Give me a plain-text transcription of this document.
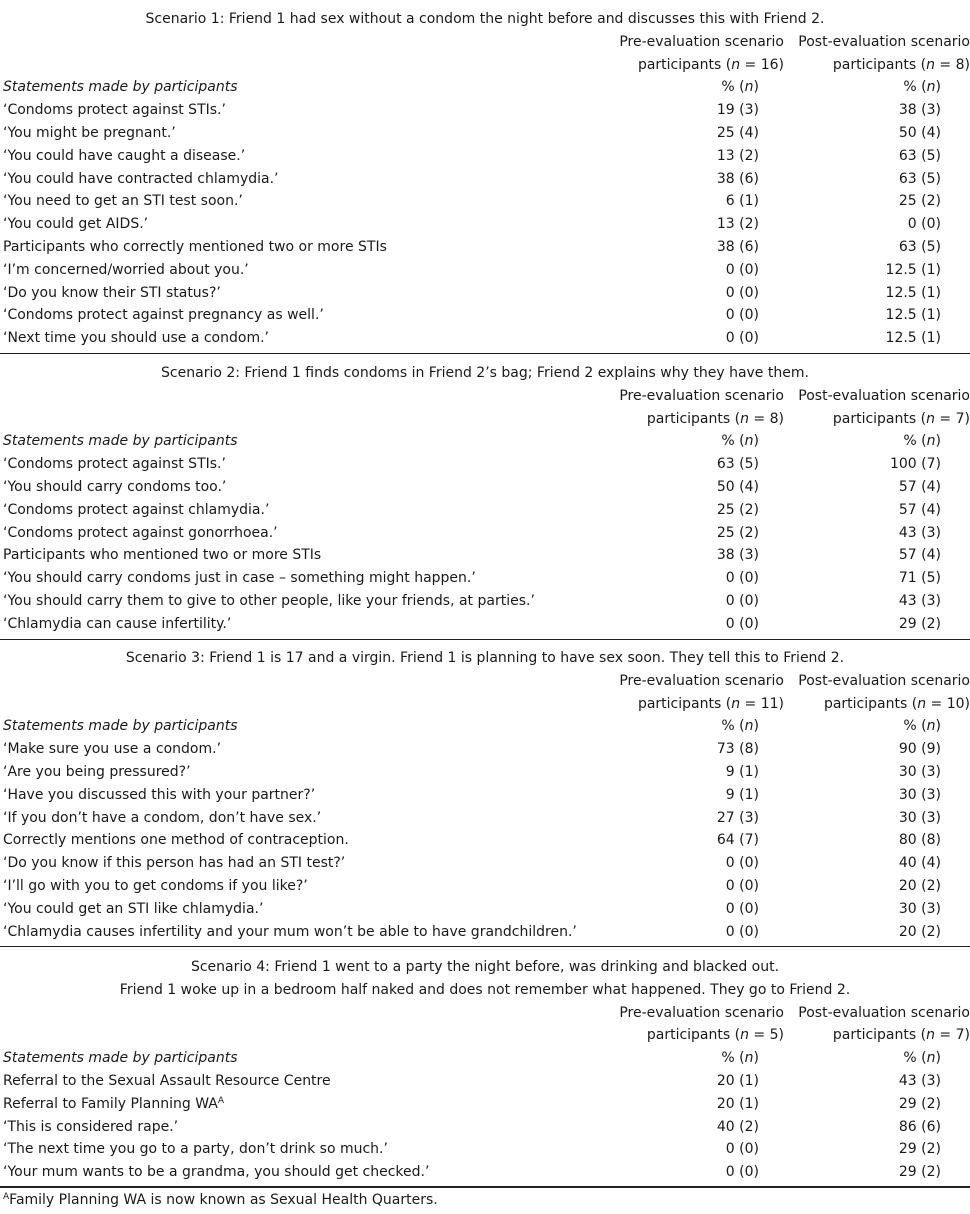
Scenario 1: Friend 1 had sex without a condom the night before and discusses this with Friend 2.
Pre-evaluation scenario Post-evaluation scenario
participants (n = 16)	participants (n = 8)
Statements made by participants	% (n)	% (n)
‘Condoms protect against STIs.’	19 (3)	38 (3)
‘You might be pregnant.’	25 (4)	50 (4)
‘You could have caught a disease.’	13 (2)	63 (5)
‘You could have contracted chlamydia.’	38 (6)	63 (5)
‘You need to get an STI test soon.’	6 (1)	25 (2)
‘You could get AIDS.’	13 (2)	0 (0)
Participants who correctly mentioned two or more STIs	38 (6)	63 (5)
‘I’m concerned/worried about you.’	0 (0)	12.5 (1)
‘Do you know their STI status?’	0 (0)	12.5 (1)
‘Condoms protect against pregnancy as well.’	0 (0)	12.5 (1)
‘Next time you should use a condom.’	0 (0)	12.5 (1)
Scenario 2: Friend 1 finds condoms in Friend 2’s bag; Friend 2 explains why they have them.
Pre-evaluation scenario Post-evaluation scenario
participants (n = 8)	participants (n = 7)
Statements made by participants	% (n)	% (n)
‘Condoms protect against STIs.’	63 (5)	100 (7)
‘You should carry condoms too.’	50 (4)	57 (4)
‘Condoms protect against chlamydia.’	25 (2)	57 (4)
‘Condoms protect against gonorrhoea.’	25 (2)	43 (3)
Participants who mentioned two or more STIs	38 (3)	57 (4)
‘You should carry condoms just in case – something might happen.’	0 (0)	71 (5)
‘You should carry them to give to other people, like your friends, at parties.’	0 (0)	43 (3)
‘Chlamydia can cause infertility.’	0 (0)	29 (2)
Scenario 3: Friend 1 is 17 and a virgin. Friend 1 is planning to have sex soon. They tell this to Friend 2.
Pre-evaluation scenario Post-evaluation scenario
participants (n = 11)	participants (n = 10)
Statements made by participants	% (n)	% (n)
‘Make sure you use a condom.’	73 (8)	90 (9)
‘Are you being pressured?’	9 (1)	30 (3)
‘Have you discussed this with your partner?’	9 (1)	30 (3)
‘If you don’t have a condom, don’t have sex.’	27 (3)	30 (3)
Correctly mentions one method of contraception.	64 (7)	80 (8)
‘Do you know if this person has had an STI test?’	0 (0)	40 (4)
‘I’ll go with you to get condoms if you like?’	0 (0)	20 (2)
‘You could get an STI like chlamydia.’	0 (0)	30 (3)
‘Chlamydia causes infertility and your mum won’t be able to have grandchildren.’	0 (0)	20 (2)
Scenario 4: Friend 1 went to a party the night before, was drinking and blacked out.
Friend 1 woke up in a bedroom half naked and does not remember what happened. They go to Friend 2.
Pre-evaluation scenario Post-evaluation scenario
participants (n = 5)	participants (n = 7)
Statements made by participants	% (n)	% (n)
Referral to the Sexual Assault Resource Centre	20 (1)	43 (3)
Referral to Family Planning $WA^A$	20 (1)	29 (2)
‘This is considered rape.’	40 (2)	86 (6)
‘The next time you go to a party, don’t drink so much.’	0 (0)	29 (2)
‘Your mum wants to be a grandma, you should get checked.’	0 (0)	29 (2)
$^A$Family Planning WA is now known as Sexual Health Quarters.
